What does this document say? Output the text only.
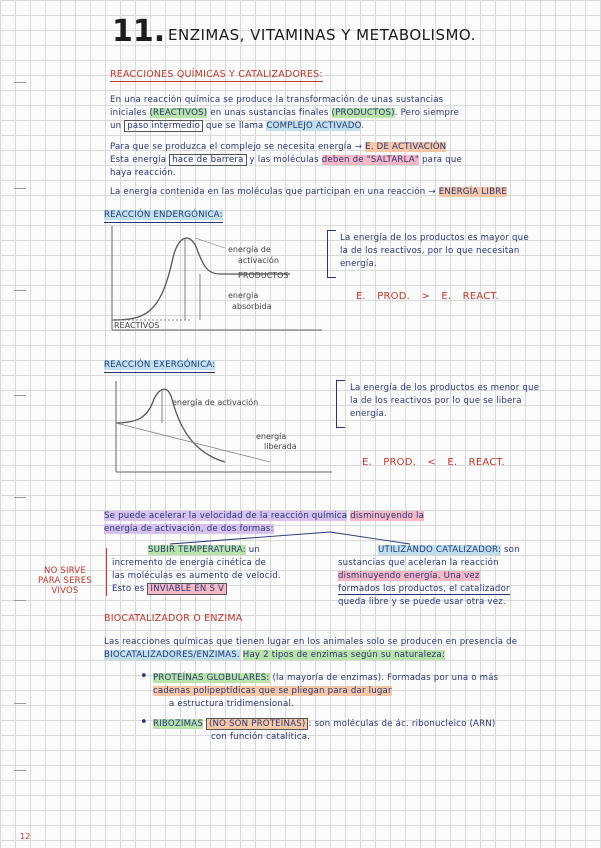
11. ENZIMAS, VITAMINAS Y METABOLISMO.
REACCIONES QUÍMICAS Y CATALIZADORES:
En una reacción química se produce la transformación de unas sustancias
iniciales (REACTIVOS) en unas sustancias finales (PRODUCTOS). Pero siempre
un paso intermedio que se llama COMPLEJO ACTIVADO.
Para que se produzca el complejo se necesita energía → E. DE ACTIVACIÓN
Esta energía hace de barrera y las moléculas deben de "SALTARLA" para que
haya reacción.
La energía contenida en las moléculas que participan en una reacción → ENERGÍA LIBRE
REACCIÓN ENDERGÓNICA:
energía de
activación
PRODUCTOS
energía
absorbida
REACTIVOS
La energía de los productos es mayor que
la de los reactivos, por lo que necesitan
energía.
E. PROD. > E. REACT.
REACCIÓN EXERGÓNICA:
energía de activación
energía
liberada
La energía de los productos es menor que
la de los reactivos por lo que se libera
energía.
E. PROD. < E. REACT.
Se puede acelerar la velocidad de la reacción química disminuyendo la
energía de activación, de dos formas:
SUBIR TEMPERATURA: un
incremento de energía cinética de
las moléculas es aumento de velocid.
Esto es INVIABLE EN S V
NO SIRVE
PARA SERES
VIVOS
UTILIZANDO CATALIZADOR: son
sustancias que aceleran la reacción
disminuyendo energía. Una vez
formados los productos, el catalizador
queda libre y se puede usar otra vez.
BIOCATALIZADOR O ENZIMA
Las reacciones químicas que tienen lugar en los animales solo se producen en presencia de
BIOCATALIZADORES/ENZIMAS. Hay 2 tipos de enzimas según su naturaleza:
• PROTEÍNAS GLOBULARES: (la mayoría de enzimas). Formadas por una o más
cadenas polipeptídicas que se pliegan para dar lugar
a estructura tridimensional.
• RIBOZIMAS (NO SON PROTEÍNAS) : son moléculas de ác. ribonucleico (ARN)
con función catalítica.
12
